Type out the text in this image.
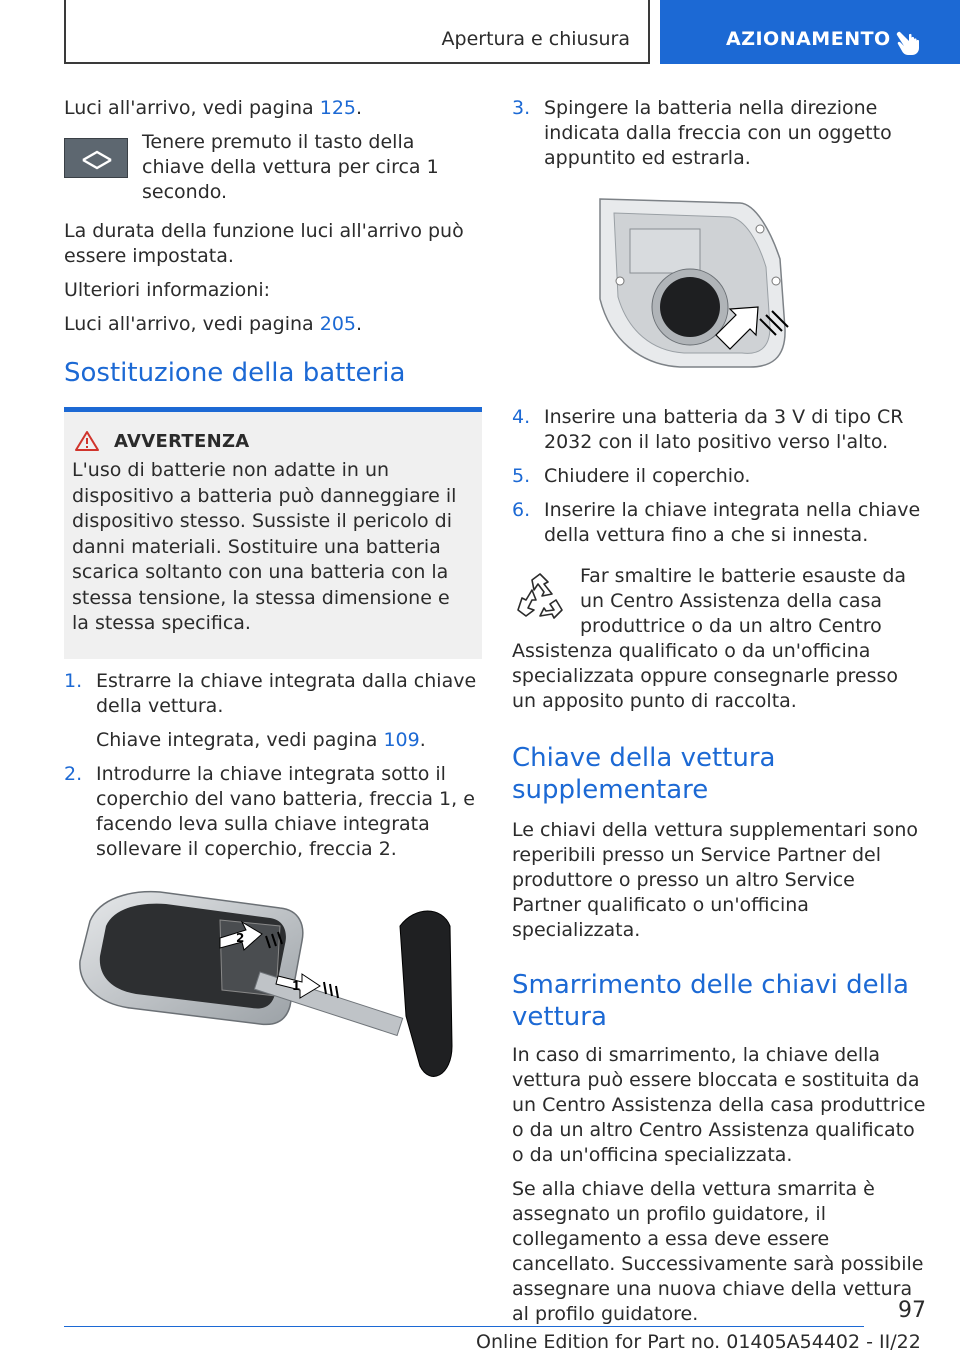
Apertura e chiusura	AZIONAMENTO

Luci all'arrivo, vedi pagina 125.

Tenere premuto il tasto della chiave della vettura per circa 1 secondo.

La durata della funzione luci all'arrivo può essere impostata.

Ulteriori informazioni:

Luci all'arrivo, vedi pagina 205.

Sostituzione della batteria
AVVERTENZA
L'uso di batterie non adatte in un dispositivo a batteria può danneggiare il dispositivo stesso. Sussiste il pericolo di danni materiali. Sostituire una batteria scarica soltanto con una batteria con la stessa tensione, la stessa dimensione e la stessa specifica.
1. Estrarre la chiave integrata dalla chiave della vettura.

Chiave integrata, vedi pagina 109.

2. Introdurre la chiave integrata sotto il coperchio del vano batteria, freccia 1, e facendo leva sulla chiave integrata sollevare il coperchio, freccia 2.

2
1
3. Spingere la batteria nella direzione indicata dalla freccia con un oggetto appuntito ed estrarla.

4. Inserire una batteria da 3 V di tipo CR 2032 con il lato positivo verso l'alto.

5. Chiudere il coperchio.

6. Inserire la chiave integrata nella chiave della vettura fino a che si innesta.

Far smaltire le batterie esauste da un Centro Assistenza della casa produttrice o da un altro Centro Assistenza qualificato o da un'officina specializzata oppure consegnarle presso un apposito punto di raccolta.
Chiave della vettura supplementare

Le chiavi della vettura supplementari sono reperibili presso un Service Partner del produttore o presso un altro Service Partner qualificato o un'officina specializzata.

Smarrimento delle chiavi della vettura

In caso di smarrimento, la chiave della vettura può essere bloccata e sostituita da un Centro Assistenza della casa produttrice o da un altro Centro Assistenza qualificato o da un'officina specializzata.

Se alla chiave della vettura smarrita è assegnato un profilo guidatore, il collegamento a essa deve essere cancellato. Successivamente sarà possibile assegnare una nuova chiave della vettura al profilo guidatore.	97
Online Edition for Part no. 01405A54402 - II/22
